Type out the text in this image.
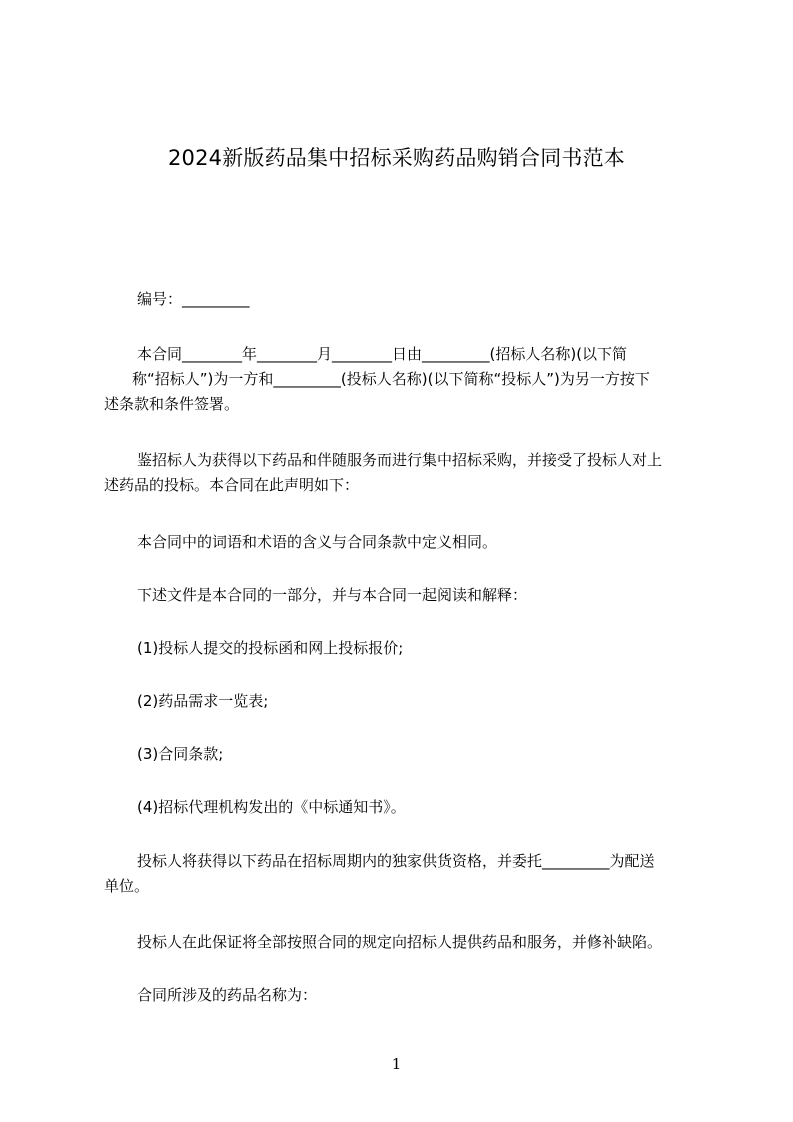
2024新版药品集中招标采购药品购销合同书范本
编号：_________
本合同________年________月________日由_________(招标人名称)(以下简
称“招标人”)为一方和_________(投标人名称)(以下简称“投标人”)为另一方按下
述条款和条件签署。
鉴招标人为获得以下药品和伴随服务而进行集中招标采购，并接受了投标人对上
述药品的投标。本合同在此声明如下：
本合同中的词语和术语的含义与合同条款中定义相同。
下述文件是本合同的一部分，并与本合同一起阅读和解释：
(1)投标人提交的投标函和网上投标报价;
(2)药品需求一览表;
(3)合同条款;
(4)招标代理机构发出的《中标通知书》。
投标人将获得以下药品在招标周期内的独家供货资格，并委托_________为配送
单位。
投标人在此保证将全部按照合同的规定向招标人提供药品和服务，并修补缺陷。
合同所涉及的药品名称为：
1
